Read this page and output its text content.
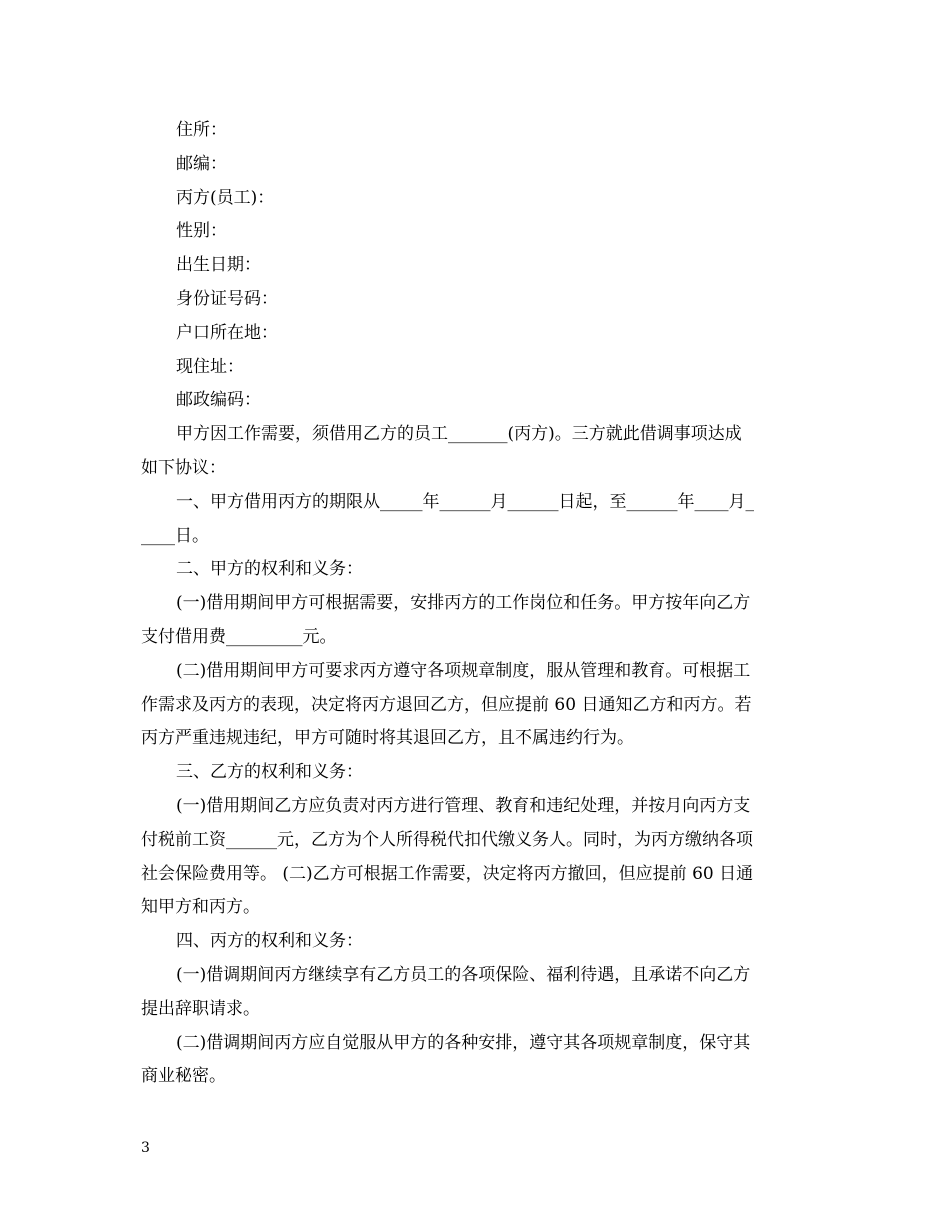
住所：
邮编：
丙方(员工)：
性别：
出生日期：
身份证号码：
户口所在地：
现住址：
邮政编码：
甲方因工作需要，须借用乙方的员工_______(丙方)。三方就此借调事项达成
如下协议：
一、甲方借用丙方的期限从_____年______月______日起，至______年____月_
____日。
二、甲方的权利和义务：
(一)借用期间甲方可根据需要，安排丙方的工作岗位和任务。甲方按年向乙方
支付借用费_________元。
(二)借用期间甲方可要求丙方遵守各项规章制度，服从管理和教育。可根据工
作需求及丙方的表现，决定将丙方退回乙方，但应提前 60 日通知乙方和丙方。若
丙方严重违规违纪，甲方可随时将其退回乙方，且不属违约行为。
三、乙方的权利和义务：
(一)借用期间乙方应负责对丙方进行管理、教育和违纪处理，并按月向丙方支
付税前工资______元，乙方为个人所得税代扣代缴义务人。同时，为丙方缴纳各项
社会保险费用等。 (二)乙方可根据工作需要，决定将丙方撤回，但应提前 60 日通
知甲方和丙方。
四、丙方的权利和义务：
(一)借调期间丙方继续享有乙方员工的各项保险、福利待遇，且承诺不向乙方
提出辞职请求。
(二)借调期间丙方应自觉服从甲方的各种安排，遵守其各项规章制度，保守其
商业秘密。
3
